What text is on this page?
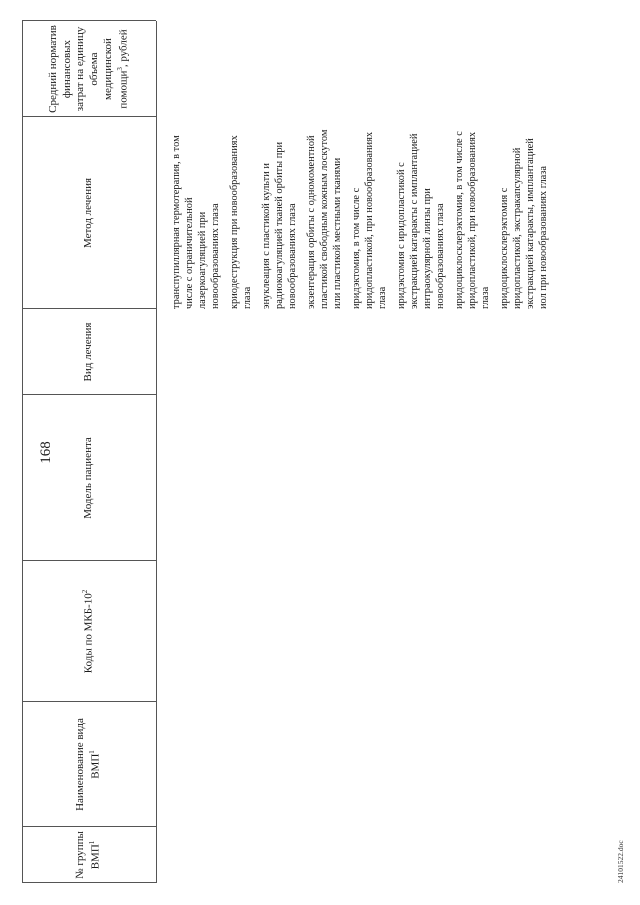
168
№ группы ВМП$^1$
Наименование вида ВМП$^1$
Коды по МКБ-$10^2$
Модель пациента
Вид лечения
Метод лечения
Средний норматив финансовых затрат на единицу объема медицинской помощи$^3$, рублей

транспупиллярная термотерапия, в том числе с ограничительной лазеркоагуляцией при новообразованиях глаза криодеструкция при новообразованиях глаза энуклеация с пластикой культи и радиокоагуляцией тканей орбиты при новообразованиях глаза экзентерация орбиты с одномоментной пластикой свободным кожным лоскутом или пластикой местными тканями иридэктомия, в том числе с иридопластикой, при новообразованиях глаза иридэктомия с иридопластикой с экстракцией катаракты с имплантацией интраокулярной линзы при новообразованиях глаза иридоциклосклерэктомия, в том числе с иридопластикой, при новообразованиях глаза иридоциклосклерэктомия с иридопластикой, экстракапсулярной экстракцией катаракты, имплантацией иол при новообразованиях глаза

24101522.doc
